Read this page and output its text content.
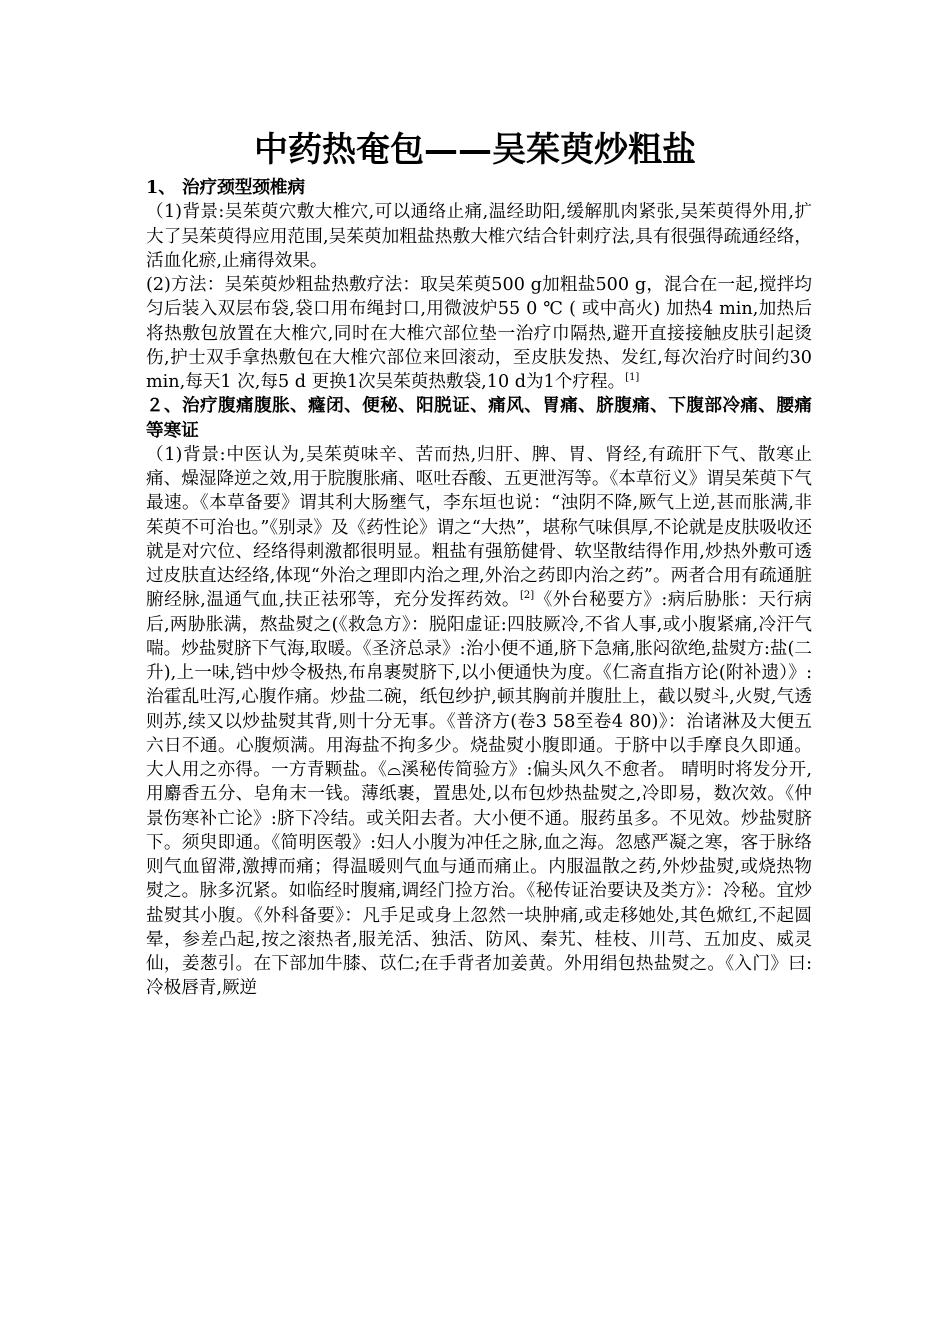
中药热奄包——吴茱萸炒粗盐

1、 治疗颈型颈椎病

（1)背景:吴茱萸穴敷大椎穴,可以通络止痛,温经助阳,缓解肌肉紧张,吴茱萸得外用,扩大了吴茱萸得应用范围,吴茱萸加粗盐热敷大椎穴结合针刺疗法,具有很强得疏通经络，活血化瘀,止痛得效果。

(2)方法：吴茱萸炒粗盐热敷疗法：取吴茱萸500 g加粗盐500 g，混合在一起,搅拌均匀后装入双层布袋,袋口用布绳封口,用微波炉55 0 ℃ ( 或中高火) 加热4 min,加热后将热敷包放置在大椎穴,同时在大椎穴部位垫一治疗巾隔热,避开直接接触皮肤引起烫伤,护士双手拿热敷包在大椎穴部位来回滚动，至皮肤发热、发红,每次治疗时间约30 min,每天1 次,每5 d 更换1次吴茱萸热敷袋,10 d为1个疗程。[1]

２、治疗腹痛腹胀、癃闭、便秘、阳脱证、痛风、胃痛、脐腹痛、下腹部冷痛、腰痛等寒证

（1)背景:中医认为,吴茱萸味辛、苦而热,归肝、脾、胃、肾经,有疏肝下气、散寒止痛、燥湿降逆之效,用于脘腹胀痛、呕吐吞酸、五更泄泻等。《本草衍义》谓吴茱萸下气最速。《本草备要》谓其利大肠壅气，李东垣也说：“浊阴不降,厥气上逆,甚而胀满,非茱萸不可治也。”《别录》及《药性论》谓之“大热”，堪称气味俱厚,不论就是皮肤吸收还就是对穴位、经络得刺激都很明显。粗盐有强筋健骨、软坚散结得作用,炒热外敷可透过皮肤直达经络,体现“外治之理即内治之理,外治之药即内治之药”。两者合用有疏通脏腑经脉,温通气血,扶正祛邪等，充分发挥药效。[2]《外台秘要方》:病后胁胀：天行病后,两胁胀满，熬盐熨之(《救急方》：脱阳虚证:四肢厥冷,不省人事,或小腹紧痛,冷汗气喘。炒盐熨脐下气海,取暖。《圣济总录》:治小便不通,脐下急痛,胀闷欲绝,盐熨方:盐(二升),上一味,铛中炒令极热,布帛裹熨脐下,以小便通快为度。《仁斋直指方论(附补遗）》:治霍乱吐泻,心腹作痛。炒盐二碗，纸包纱护,顿其胸前并腹肚上，截以熨斗,火熨,气透则苏,续又以炒盐熨其背,则十分无事。《普济方(卷3 58至卷4 80)》：治诸淋及大便五六日不通。心腹烦满。用海盐不拘多少。烧盐熨小腹即通。于脐中以手摩良久即通。大人用之亦得。一方青颗盐。《⌓溪秘传简验方》:偏头风久不愈者。 晴明时将发分开,用麝香五分、皂角末一钱。薄纸裹，置患处,以布包炒热盐熨之,冷即易，数次效。《仲景伤寒补亡论》:脐下冷结。或关阳去者。大小便不通。服药虽多。不见效。炒盐熨脐下。须臾即通。《简明医彀》:妇人小腹为冲任之脉,血之海。忽感严凝之寒，客于脉络则气血留滞,激搏而痛；得温暖则气血与通而痛止。内服温散之药,外炒盐熨,或烧热物熨之。脉多沉紧。如临经时腹痛,调经门捡方治。《秘传证治要诀及类方》：冷秘。宜炒盐熨其小腹。《外科备要》：凡手足或身上忽然一块肿痛,或走移她处,其色焮红,不起圆晕，参差凸起,按之滚热者,服羌活、独活、防风、秦艽、桂枝、川芎、五加皮、威灵仙，姜葱引。在下部加牛膝、苡仁;在手背者加姜黄。外用绢包热盐熨之。《入门》曰:冷极唇青,厥逆
